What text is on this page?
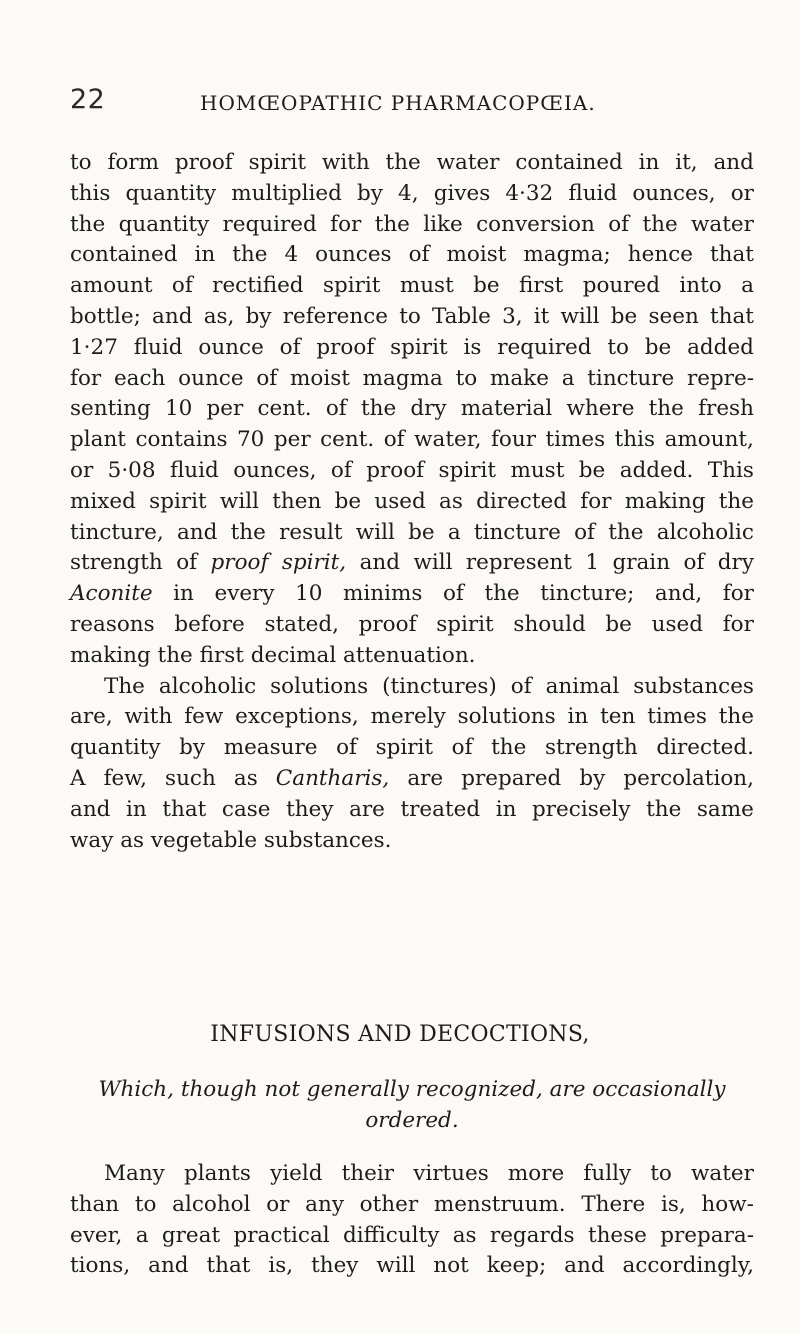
22	HOMŒOPATHIC PHARMACOPŒIA.
to form proof spirit with the water contained in it, and
this quantity multiplied by 4, gives 4·32 fluid ounces, or
the quantity required for the like conversion of the water
contained in the 4 ounces of moist magma; hence that
amount of rectified spirit must be first poured into a
bottle; and as, by reference to Table 3, it will be seen that
1·27 fluid ounce of proof spirit is required to be added
for each ounce of moist magma to make a tincture repre-
senting 10 per cent. of the dry material where the fresh
plant contains 70 per cent. of water, four times this amount,
or 5·08 fluid ounces, of proof spirit must be added. This
mixed spirit will then be used as directed for making the
tincture, and the result will be a tincture of the alcoholic
strength of proof spirit, and will represent 1 grain of dry
Aconite in every 10 minims of the tincture; and, for
reasons before stated, proof spirit should be used for
making the first decimal attenuation.
The alcoholic solutions (tinctures) of animal substances
are, with few exceptions, merely solutions in ten times the
quantity by measure of spirit of the strength directed.
A few, such as Cantharis, are prepared by percolation,
and in that case they are treated in precisely the same
way as vegetable substances.
INFUSIONS AND DECOCTIONS,
Which, though not generally recognized, are occasionally
ordered.
Many plants yield their virtues more fully to water
than to alcohol or any other menstruum. There is, how-
ever, a great practical difficulty as regards these prepara-
tions, and that is, they will not keep; and accordingly,
